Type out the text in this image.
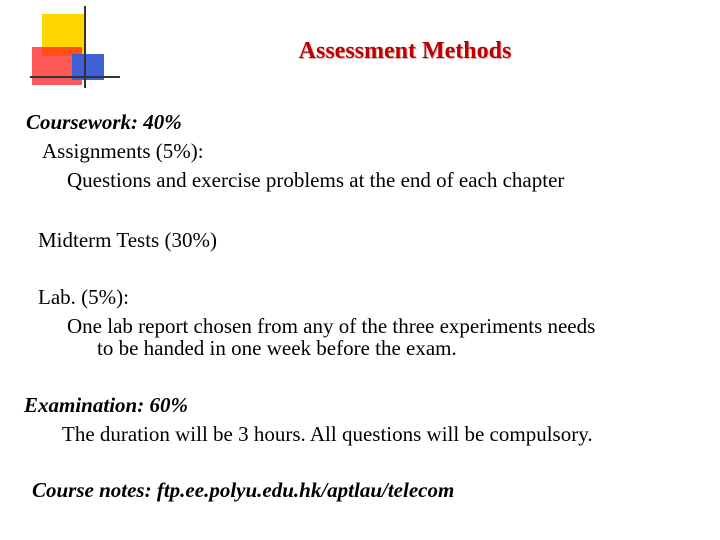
Assessment Methods
Coursework: 40%
Assignments (5%):
Questions and exercise problems at the end of each chapter
Midterm Tests (30%)
Lab. (5%):
One lab report chosen from any of the three experiments needs
to be handed in one week before the exam.
Examination: 60%
The duration will be 3 hours. All questions will be compulsory.
Course notes: ftp.ee.polyu.edu.hk/aptlau/telecom
